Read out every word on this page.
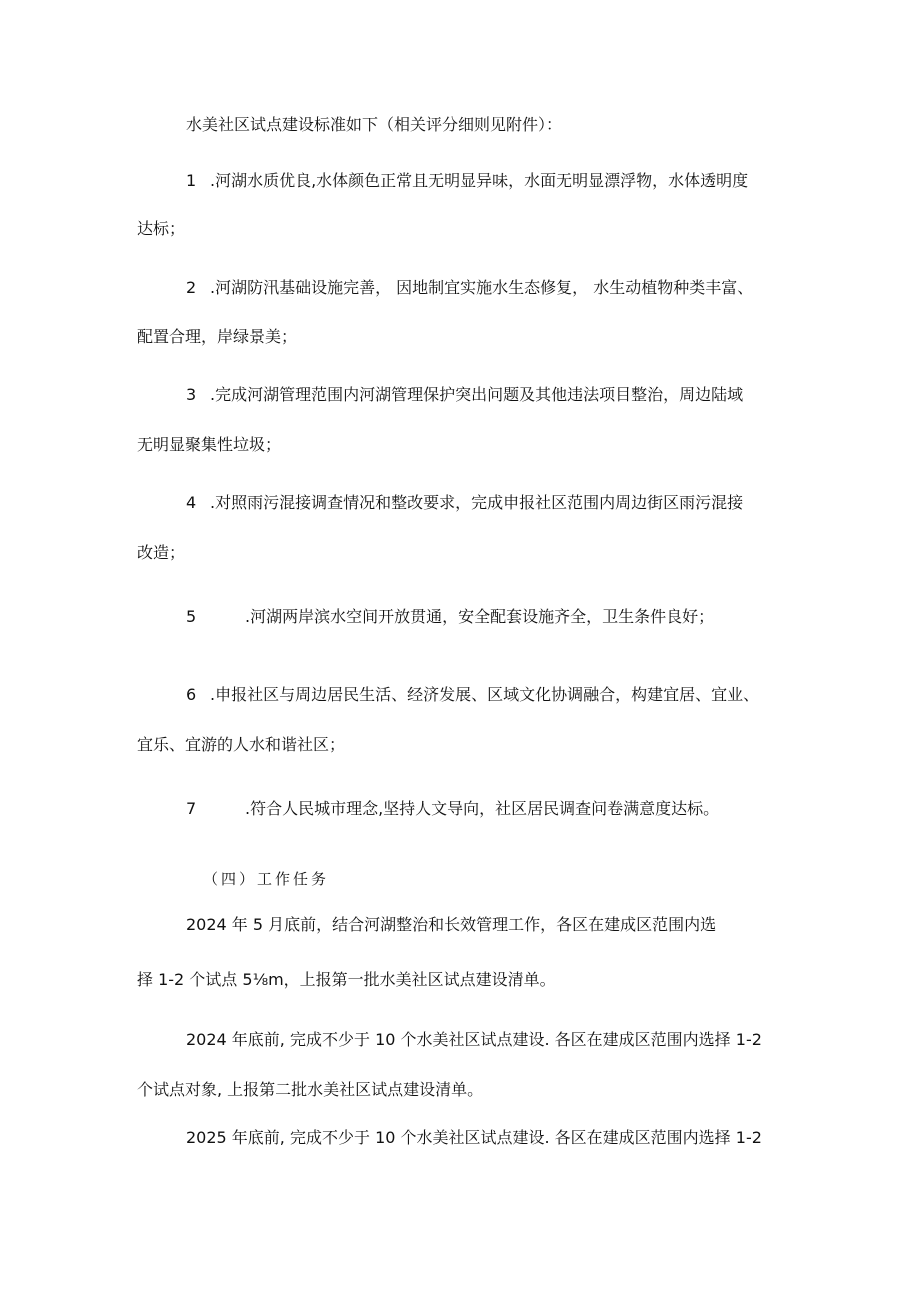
水美社区试点建设标准如下（相关评分细则见附件）：
1 .河湖水质优良,水体颜色正常且无明显异味，水面无明显漂浮物，水体透明度
达标；
2 .河湖防汛基础设施完善， 因地制宜实施水生态修复， 水生动植物种类丰富、
配置合理，岸绿景美；
3 .完成河湖管理范围内河湖管理保护突出问题及其他违法项目整治，周边陆域
无明显聚集性垃圾；
4 .对照雨污混接调查情况和整改要求，完成申报社区范围内周边街区雨污混接
改造；
5	.河湖两岸滨水空间开放贯通，安全配套设施齐全，卫生条件良好；
6 .申报社区与周边居民生活、经济发展、区域文化协调融合，构建宜居、宜业、
宜乐、宜游的人水和谐社区；
7	.符合人民城市理念,坚持人文导向，社区居民调查问卷满意度达标。
（四）工作任务
2024 年 5 月底前，结合河湖整治和长效管理工作，各区在建成区范围内选
择 1-2 个试点 5⅛m，上报第一批水美社区试点建设清单。
2024 年底前, 完成不少于 10 个水美社区试点建设. 各区在建成区范围内选择 1-2
个试点对象, 上报第二批水美社区试点建设清单。
2025 年底前, 完成不少于 10 个水美社区试点建设. 各区在建成区范围内选择 1-2
